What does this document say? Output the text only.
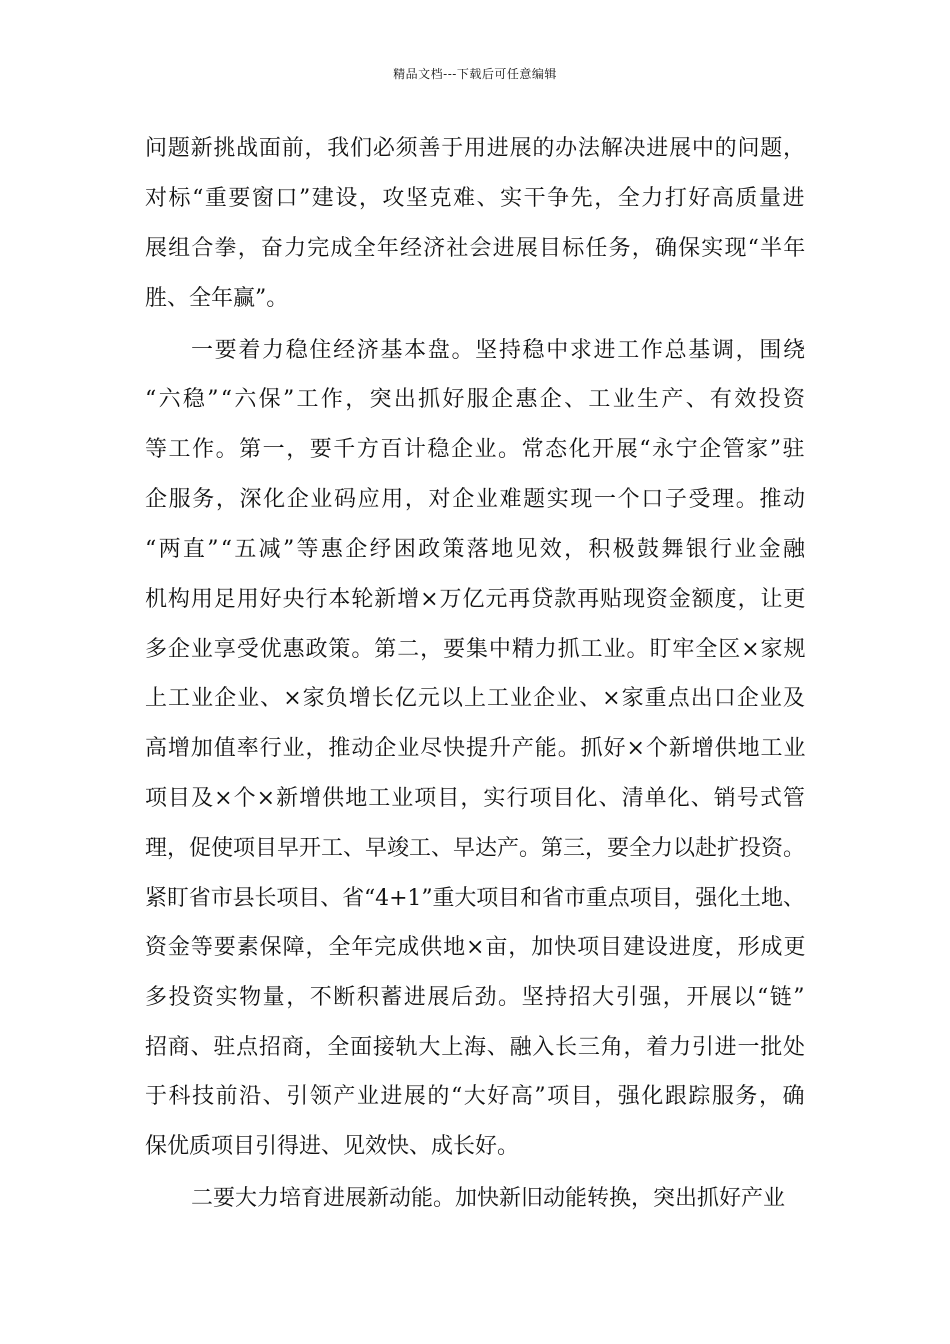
精品文档---下载后可任意编辑
问题新挑战面前，我们必须善于用进展的办法解决进展中的问题，
对标“重要窗口”建设，攻坚克难、实干争先，全力打好高质量进
展组合拳，奋力完成全年经济社会进展目标任务，确保实现“半年
胜、全年赢”。
一要着力稳住经济基本盘。坚持稳中求进工作总基调，围绕
“六稳”“六保”工作，突出抓好服企惠企、工业生产、有效投资
等工作。第一，要千方百计稳企业。常态化开展“永宁企管家”驻
企服务，深化企业码应用，对企业难题实现一个口子受理。推动
“两直”“五减”等惠企纾困政策落地见效，积极鼓舞银行业金融
机构用足用好央行本轮新增×万亿元再贷款再贴现资金额度，让更
多企业享受优惠政策。第二，要集中精力抓工业。盯牢全区×家规
上工业企业、×家负增长亿元以上工业企业、×家重点出口企业及
高增加值率行业，推动企业尽快提升产能。抓好×个新增供地工业
项目及×个×新增供地工业项目，实行项目化、清单化、销号式管
理，促使项目早开工、早竣工、早达产。第三，要全力以赴扩投资。
紧盯省市县长项目、省“4+1”重大项目和省市重点项目，强化土地、
资金等要素保障，全年完成供地×亩，加快项目建设进度，形成更
多投资实物量，不断积蓄进展后劲。坚持招大引强，开展以“链”
招商、驻点招商，全面接轨大上海、融入长三角，着力引进一批处
于科技前沿、引领产业进展的“大好高”项目，强化跟踪服务，确
保优质项目引得进、见效快、成长好。
二要大力培育进展新动能。加快新旧动能转换，突出抓好产业
